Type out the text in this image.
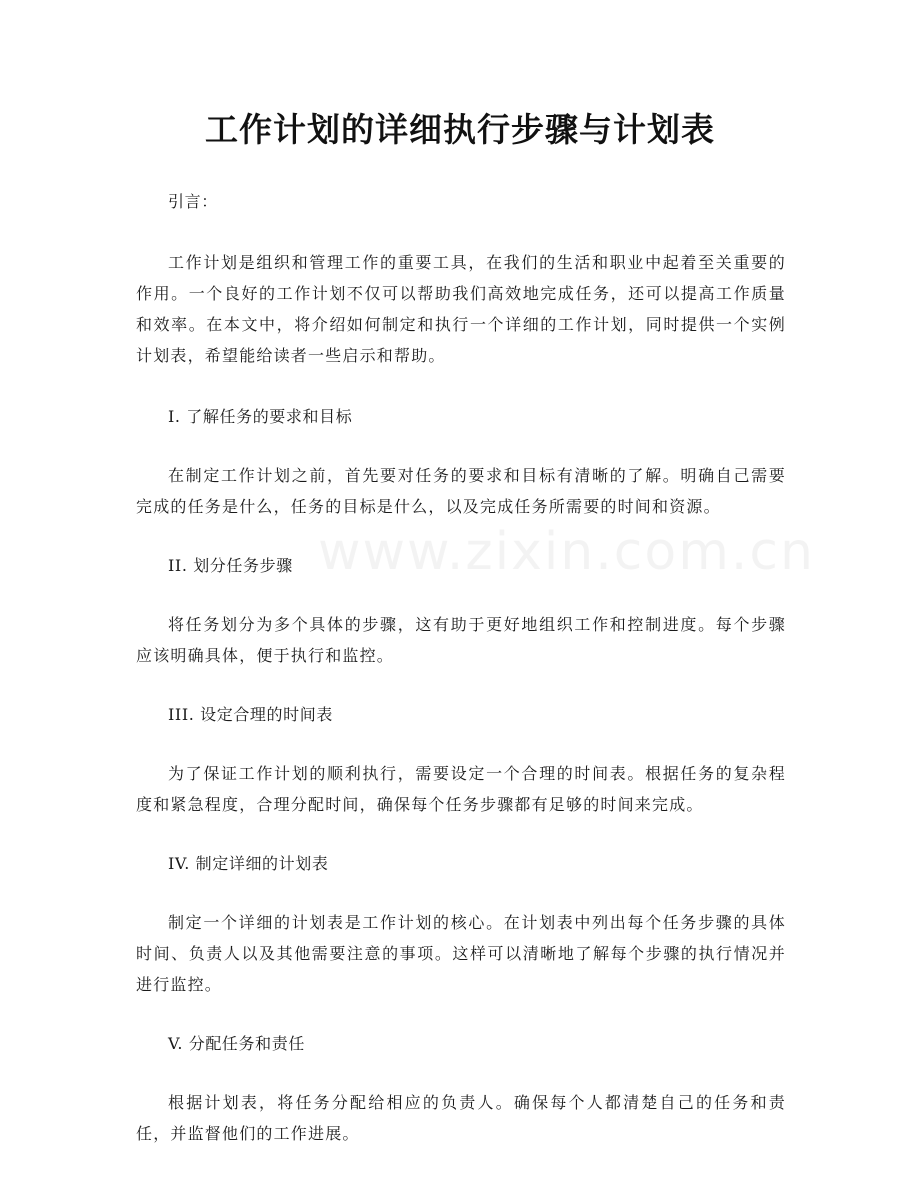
www.zixin.com.cn
工作计划的详细执行步骤与计划表

引言：

工作计划是组织和管理工作的重要工具，在我们的生活和职业中起着至关重要的作用。一个良好的工作计划不仅可以帮助我们高效地完成任务，还可以提高工作质量和效率。在本文中，将介绍如何制定和执行一个详细的工作计划，同时提供一个实例计划表，希望能给读者一些启示和帮助。

I. 了解任务的要求和目标

在制定工作计划之前，首先要对任务的要求和目标有清晰的了解。明确自己需要完成的任务是什么，任务的目标是什么，以及完成任务所需要的时间和资源。

II. 划分任务步骤

将任务划分为多个具体的步骤，这有助于更好地组织工作和控制进度。每个步骤应该明确具体，便于执行和监控。

III. 设定合理的时间表

为了保证工作计划的顺利执行，需要设定一个合理的时间表。根据任务的复杂程度和紧急程度，合理分配时间，确保每个任务步骤都有足够的时间来完成。

IV. 制定详细的计划表

制定一个详细的计划表是工作计划的核心。在计划表中列出每个任务步骤的具体时间、负责人以及其他需要注意的事项。这样可以清晰地了解每个步骤的执行情况并进行监控。

V. 分配任务和责任

根据计划表，将任务分配给相应的负责人。确保每个人都清楚自己的任务和责任，并监督他们的工作进展。
